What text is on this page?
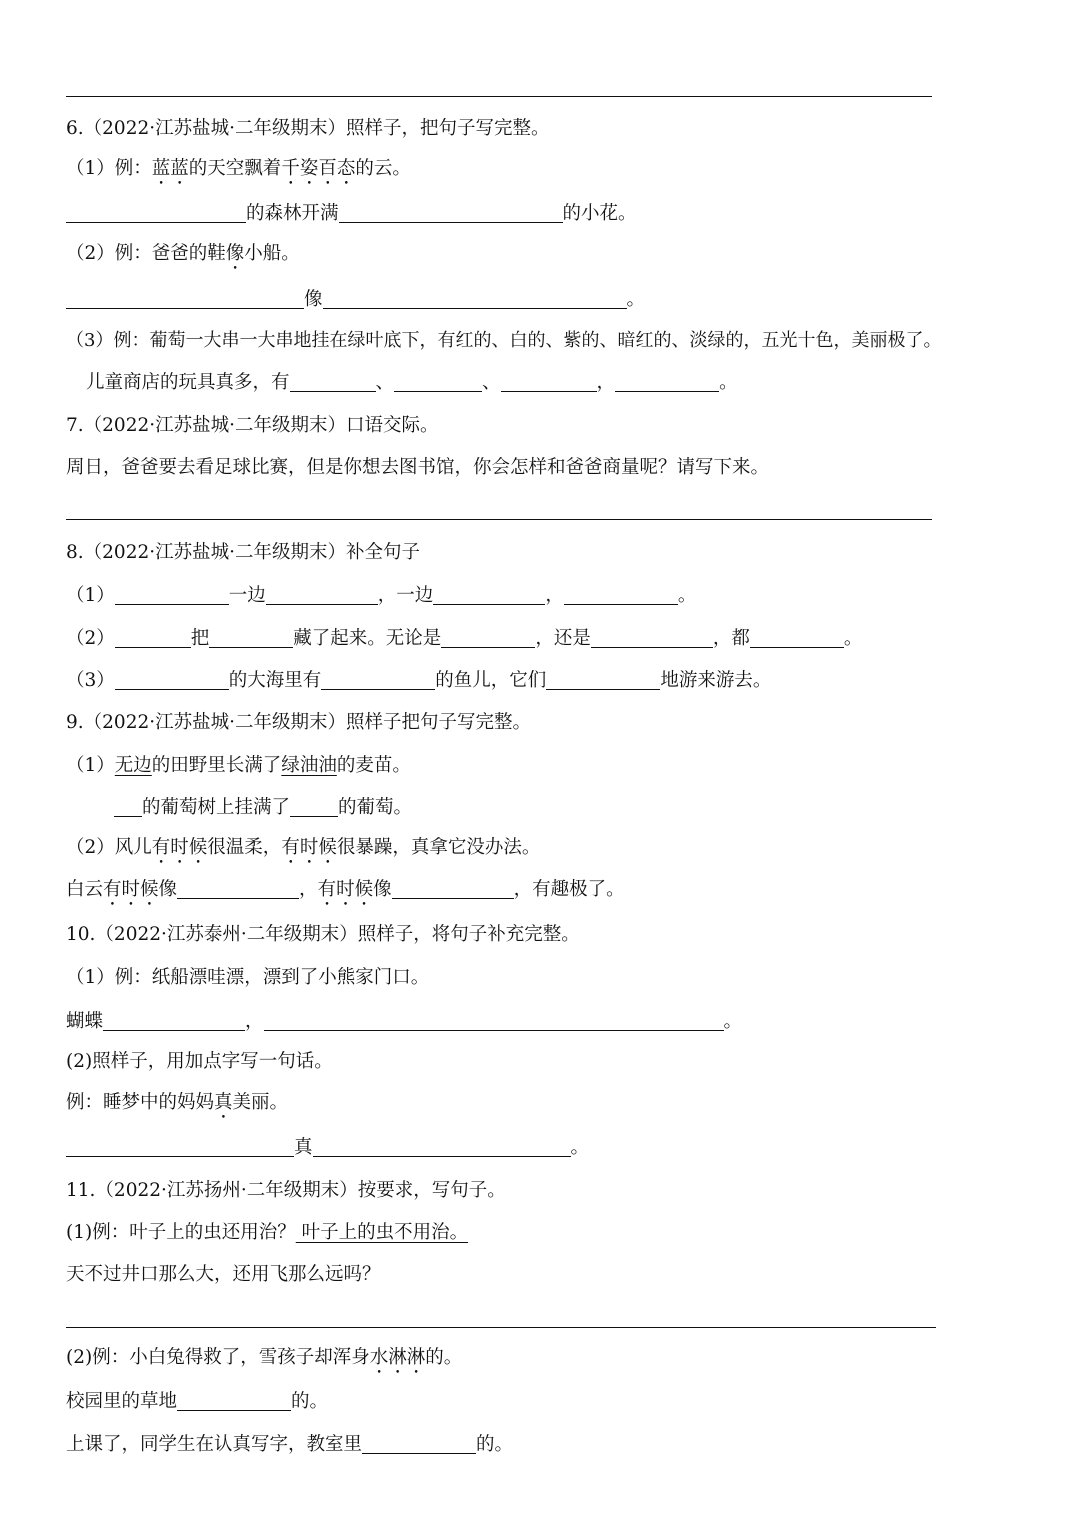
6.（2022·江苏盐城·二年级期末）照样子，把句子写完整。
（1）例：蓝蓝的天空飘着千姿百态的云。
的森林开满	的小花。
（2）例：爸爸的鞋像小船。
像	。
（3）例：葡萄一大串一大串地挂在绿叶底下，有红的、白的、紫的、暗红的、淡绿的，五光十色，美丽极了。
儿童商店的玩具真多，有	、	、	，	。
7.（2022·江苏盐城·二年级期末）口语交际。
周日，爸爸要去看足球比赛，但是你想去图书馆，你会怎样和爸爸商量呢？请写下来。
8.（2022·江苏盐城·二年级期末）补全句子
（1）	一边	，一边	，	。
（2）	把	藏了起来。无论是	，还是	，都	。
（3）	的大海里有	的鱼儿，它们	地游来游去。
9.（2022·江苏盐城·二年级期末）照样子把句子写完整。
（1）无边的田野里长满了绿油油的麦苗。
的葡萄树上挂满了	的葡萄。
（2）风儿有时候很温柔，有时候很暴躁，真拿它没办法。
白云有时候像	，有时候像	，有趣极了。
10.（2022·江苏泰州·二年级期末）照样子，将句子补充完整。
（1）例：纸船漂哇漂，漂到了小熊家门口。
蝴蝶	，	。
(2)照样子，用加点字写一句话。
例：睡梦中的妈妈真美丽。
真	。
11.（2022·江苏扬州·二年级期末）按要求，写句子。
(1)例：叶子上的虫还用治？ 叶子上的虫不用治。
天不过井口那么大，还用飞那么远吗？
(2)例：小白兔得救了，雪孩子却浑身水淋淋的。
校园里的草地	的。
上课了，同学生在认真写字，教室里	的。
